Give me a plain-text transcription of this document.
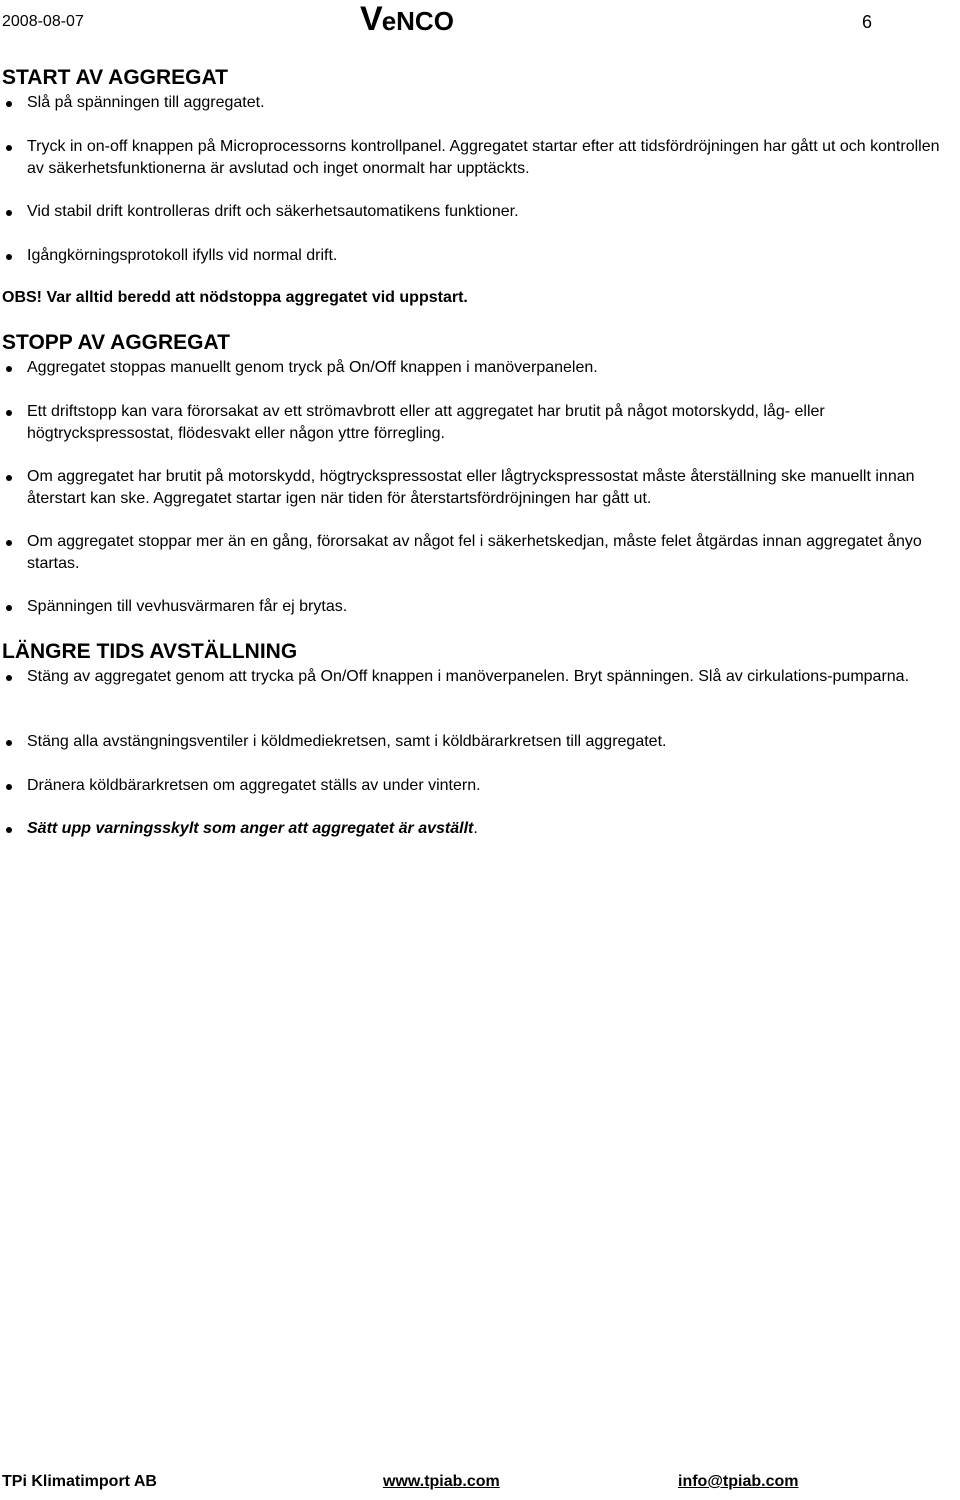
2008-08-07	VeNCO	6
START AV AGGREGAT
Slå på spänningen till aggregatet.
Tryck in on-off knappen på Microprocessorns kontrollpanel. Aggregatet startar efter att tidsfördröjningen har gått ut och kontrollen av säkerhetsfunktionerna är avslutad och inget onormalt har upptäckts.
Vid stabil drift kontrolleras drift och säkerhetsautomatikens funktioner.
Igångkörningsprotokoll ifylls vid normal drift.
OBS! Var alltid beredd att nödstoppa aggregatet vid uppstart.
STOPP AV AGGREGAT
Aggregatet stoppas manuellt genom tryck på On/Off knappen i manöverpanelen.
Ett driftstopp kan vara förorsakat av ett strömavbrott eller att aggregatet har brutit på något motorskydd, låg- eller högtryckspressostat, flödesvakt eller någon yttre förregling.
Om aggregatet har brutit på motorskydd, högtryckspressostat eller lågtryckspressostat måste återställning ske manuellt innan återstart kan ske. Aggregatet startar igen när tiden för återstartsfördröjningen har gått ut.
Om aggregatet stoppar mer än en gång, förorsakat av något fel i säkerhetskedjan, måste felet åtgärdas innan aggregatet ånyo startas.
Spänningen till vevhusvärmaren får ej brytas.
LÄNGRE TIDS AVSTÄLLNING
Stäng av aggregatet genom att trycka på On/Off knappen i manöverpanelen. Bryt spänningen. Slå av cirkulations-pumparna.
Stäng alla avstängningsventiler i köldmediekretsen, samt i köldbärarkretsen till aggregatet.
Dränera köldbärarkretsen om aggregatet ställs av under vintern.
Sätt upp varningsskylt som anger att aggregatet är avställt.
TPi Klimatimport AB	www.tpiab.com	info@tpiab.com
